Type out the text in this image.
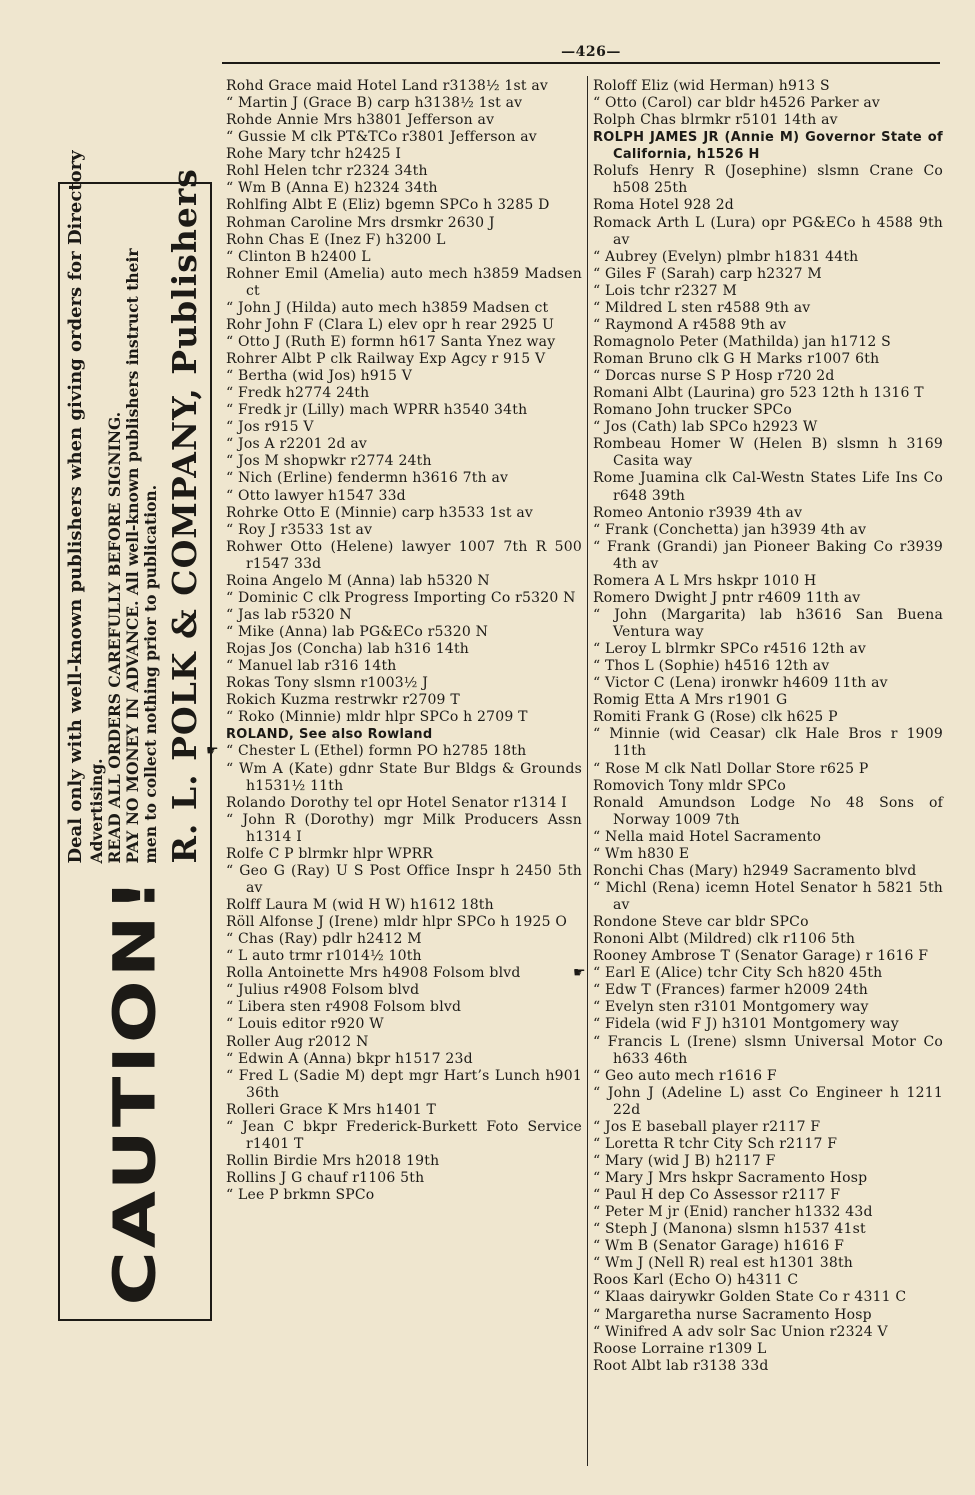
—426—
CAUTION!
Deal only with well-known publishers when giving orders for Directory Advertising. READ ALL ORDERS CAREFULLY BEFORE SIGNING. PAY NO MONEY IN ADVANCE. All well-known publishers instruct their men to collect nothing prior to publication. R. L. POLK & COMPANY, Publishers
Rohd Grace maid Hotel Land r3138½ 1st av
“ Martin J (Grace B) carp h3138½ 1st av
Rohde Annie Mrs h3801 Jefferson av
“ Gussie M clk PT&TCo r3801 Jefferson av
Rohe Mary tchr h2425 I
Rohl Helen tchr r2324 34th
“ Wm B (Anna E) h2324 34th
Rohlfing Albt E (Eliz) bgemn SPCo h 3285 D
Rohman Caroline Mrs drsmkr 2630 J
Rohn Chas E (Inez F) h3200 L
“ Clinton B h2400 L
Rohner Emil (Amelia) auto mech h3859 Madsen ct
“ John J (Hilda) auto mech h3859 Madsen ct
Rohr John F (Clara L) elev opr h rear 2925 U
“ Otto J (Ruth E) formn h617 Santa Ynez way
Rohrer Albt P clk Railway Exp Agcy r 915 V
“ Bertha (wid Jos) h915 V
“ Fredk h2774 24th
“ Fredk jr (Lilly) mach WPRR h3540 34th
“ Jos r915 V
“ Jos A r2201 2d av
“ Jos M shopwkr r2774 24th
“ Nich (Erline) fendermn h3616 7th av
“ Otto lawyer h1547 33d
Rohrke Otto E (Minnie) carp h3533 1st av
“ Roy J r3533 1st av
Rohwer Otto (Helene) lawyer 1007 7th R 500 r1547 33d
Roina Angelo M (Anna) lab h5320 N
“ Dominic C clk Progress Importing Co r5320 N
“ Jas lab r5320 N
“ Mike (Anna) lab PG&ECo r5320 N
Rojas Jos (Concha) lab h316 14th
“ Manuel lab r316 14th
Rokas Tony slsmn r1003½ J
Rokich Kuzma restrwkr r2709 T
“ Roko (Minnie) mldr hlpr SPCo h 2709 T
ROLAND, See also Rowland
☛ “ Chester L (Ethel) formn PO h2785 18th
“ Wm A (Kate) gdnr State Bur Bldgs & Grounds h1531½ 11th
Rolando Dorothy tel opr Hotel Senator r1314 I
“ John R (Dorothy) mgr Milk Producers Assn h1314 I
Rolfe C P blrmkr hlpr WPRR
“ Geo G (Ray) U S Post Office Inspr h 2450 5th av
Rolff Laura M (wid H W) h1612 18th
Röll Alfonse J (Irene) mldr hlpr SPCo h 1925 O
“ Chas (Ray) pdlr h2412 M
“ L auto trmr r1014½ 10th
Rolla Antoinette Mrs h4908 Folsom blvd
“ Julius r4908 Folsom blvd
“ Libera sten r4908 Folsom blvd
“ Louis editor r920 W
Roller Aug r2012 N
“ Edwin A (Anna) bkpr h1517 23d
“ Fred L (Sadie M) dept mgr Hart’s Lunch h901 36th
Rolleri Grace K Mrs h1401 T
“ Jean C bkpr Frederick-Burkett Foto Service r1401 T
Rollin Birdie Mrs h2018 19th
Rollins J G chauf r1106 5th
“ Lee P brkmn SPCo
Roloff Eliz (wid Herman) h913 S
“ Otto (Carol) car bldr h4526 Parker av
Rolph Chas blrmkr r5101 14th av
ROLPH JAMES JR (Annie M) Governor State of California, h1526 H
Rolufs Henry R (Josephine) slsmn Crane Co h508 25th
Roma Hotel 928 2d
Romack Arth L (Lura) opr PG&ECo h 4588 9th av
“ Aubrey (Evelyn) plmbr h1831 44th
“ Giles F (Sarah) carp h2327 M
“ Lois tchr r2327 M
“ Mildred L sten r4588 9th av
“ Raymond A r4588 9th av
Romagnolo Peter (Mathilda) jan h1712 S
Roman Bruno clk G H Marks r1007 6th
“ Dorcas nurse S P Hosp r720 2d
Romani Albt (Laurina) gro 523 12th h 1316 T
Romano John trucker SPCo
“ Jos (Cath) lab SPCo h2923 W
Rombeau Homer W (Helen B) slsmn h 3169 Casita way
Rome Juamina clk Cal-Westn States Life Ins Co r648 39th
Romeo Antonio r3939 4th av
“ Frank (Conchetta) jan h3939 4th av
“ Frank (Grandi) jan Pioneer Baking Co r3939 4th av
Romera A L Mrs hskpr 1010 H
Romero Dwight J pntr r4609 11th av
“ John (Margarita) lab h3616 San Buena Ventura way
“ Leroy L blrmkr SPCo r4516 12th av
“ Thos L (Sophie) h4516 12th av
“ Victor C (Lena) ironwkr h4609 11th av
Romig Etta A Mrs r1901 G
Romiti Frank G (Rose) clk h625 P
“ Minnie (wid Ceasar) clk Hale Bros r 1909 11th
“ Rose M clk Natl Dollar Store r625 P
Romovich Tony mldr SPCo
Ronald Amundson Lodge No 48 Sons of Norway 1009 7th
“ Nella maid Hotel Sacramento
“ Wm h830 E
Ronchi Chas (Mary) h2949 Sacramento blvd
“ Michl (Rena) icemn Hotel Senator h 5821 5th av
Rondone Steve car bldr SPCo
Rononi Albt (Mildred) clk r1106 5th
Rooney Ambrose T (Senator Garage) r 1616 F
☛ “ Earl E (Alice) tchr City Sch h820 45th
“ Edw T (Frances) farmer h2009 24th
“ Evelyn sten r3101 Montgomery way
“ Fidela (wid F J) h3101 Montgomery way
“ Francis L (Irene) slsmn Universal Motor Co h633 46th
“ Geo auto mech r1616 F
“ John J (Adeline L) asst Co Engineer h 1211 22d
“ Jos E baseball player r2117 F
“ Loretta R tchr City Sch r2117 F
“ Mary (wid J B) h2117 F
“ Mary J Mrs hskpr Sacramento Hosp
“ Paul H dep Co Assessor r2117 F
“ Peter M jr (Enid) rancher h1332 43d
“ Steph J (Manona) slsmn h1537 41st
“ Wm B (Senator Garage) h1616 F
“ Wm J (Nell R) real est h1301 38th
Roos Karl (Echo O) h4311 C
“ Klaas dairywkr Golden State Co r 4311 C
“ Margaretha nurse Sacramento Hosp
“ Winifred A adv solr Sac Union r2324 V
Roose Lorraine r1309 L
Root Albt lab r3138 33d
